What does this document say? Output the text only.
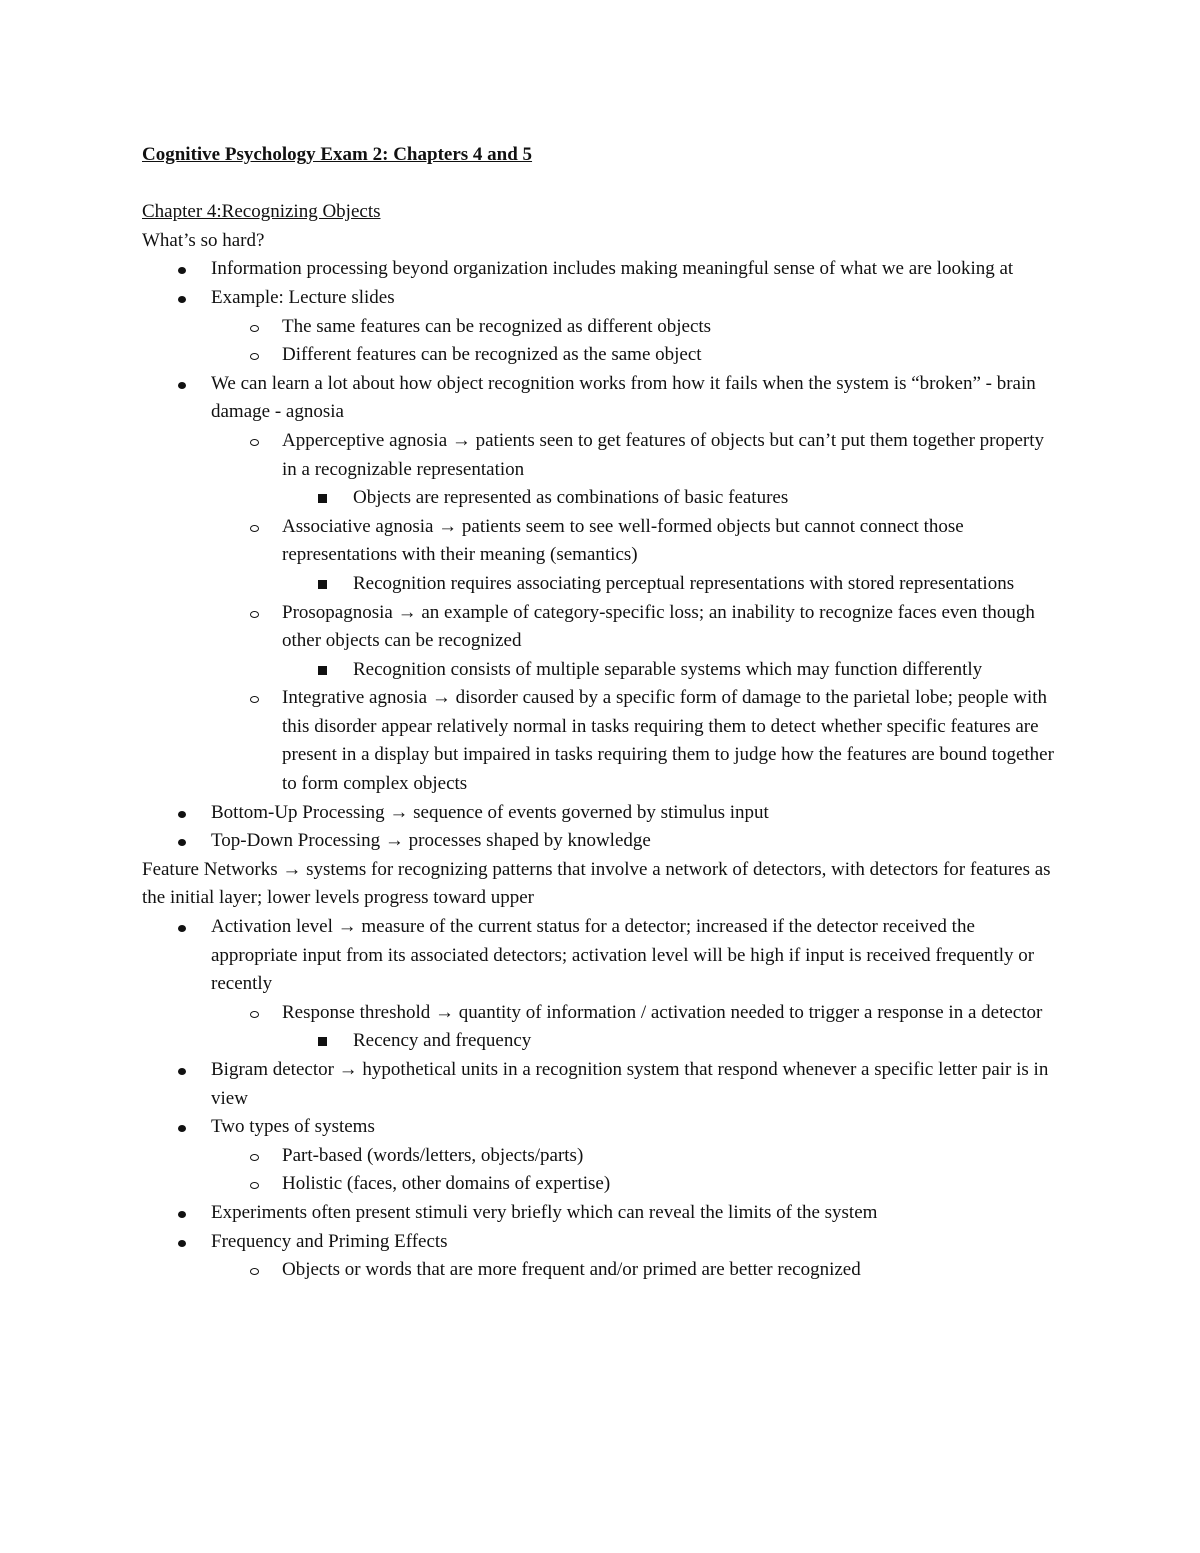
Cognitive Psychology Exam 2: Chapters 4 and 5

Chapter 4:Recognizing Objects

What’s so hard?

Information processing beyond organization includes making meaningful sense of what we are looking at
Example: Lecture slides
The same features can be recognized as different objects
Different features can be recognized as the same object
We can learn a lot about how object recognition works from how it fails when the system is “broken” - brain damage - agnosia
Apperceptive agnosia → patients seen to get features of objects but can’t put them together property in a recognizable representation
Objects are represented as combinations of basic features
Associative agnosia → patients seem to see well-formed objects but cannot connect those representations with their meaning (semantics)
Recognition requires associating perceptual representations with stored representations
Prosopagnosia → an example of category-specific loss; an inability to recognize faces even though other objects can be recognized
Recognition consists of multiple separable systems which may function differently
Integrative agnosia → disorder caused by a specific form of damage to the parietal lobe; people with this disorder appear relatively normal in tasks requiring them to detect whether specific features are present in a display but impaired in tasks requiring them to judge how the features are bound together to form complex objects
Bottom-Up Processing → sequence of events governed by stimulus input
Top-Down Processing → processes shaped by knowledge

Feature Networks → systems for recognizing patterns that involve a network of detectors, with detectors for features as the initial layer; lower levels progress toward upper

Activation level → measure of the current status for a detector; increased if the detector received the appropriate input from its associated detectors; activation level will be high if input is received frequently or recently
Response threshold → quantity of information / activation needed to trigger a response in a detector
Recency and frequency
Bigram detector → hypothetical units in a recognition system that respond whenever a specific letter pair is in view
Two types of systems
Part-based (words/letters, objects/parts)
Holistic (faces, other domains of expertise)
Experiments often present stimuli very briefly which can reveal the limits of the system
Frequency and Priming Effects
Objects or words that are more frequent and/or primed are better recognized
